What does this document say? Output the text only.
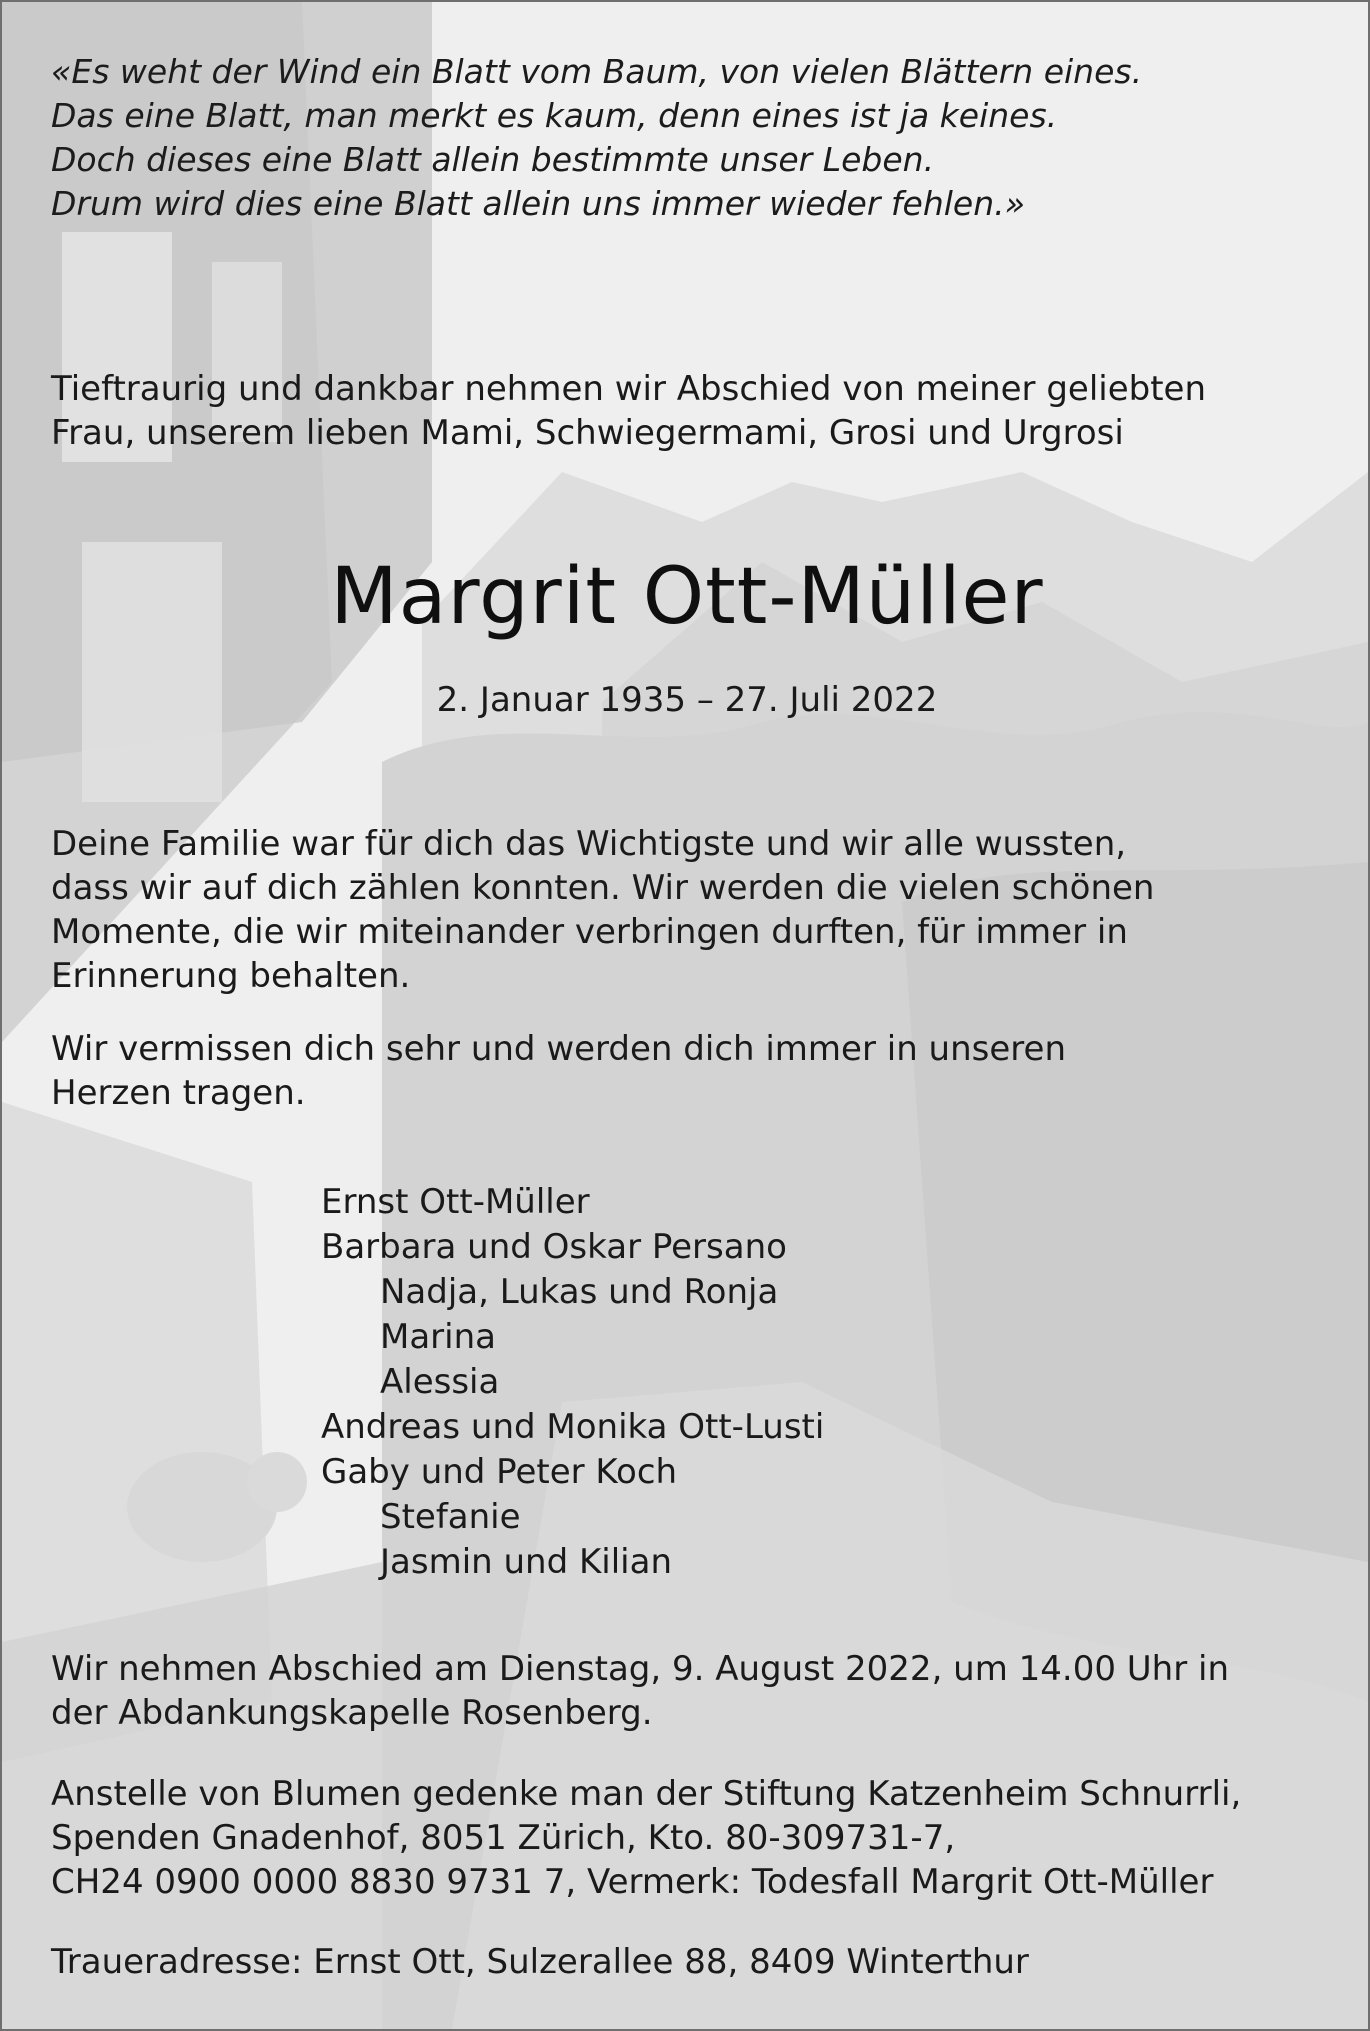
«Es weht der Wind ein Blatt vom Baum, von vielen Blättern eines.
Das eine Blatt, man merkt es kaum, denn eines ist ja keines.
Doch dieses eine Blatt allein bestimmte unser Leben.
Drum wird dies eine Blatt allein uns immer wieder fehlen.»
Tieftraurig und dankbar nehmen wir Abschied von meiner geliebten
Frau, unserem lieben Mami, Schwiegermami, Grosi und Urgrosi
Margrit Ott-Müller
2. Januar 1935 – 27. Juli 2022
Deine Familie war für dich das Wichtigste und wir alle wussten,
dass wir auf dich zählen konnten. Wir werden die vielen schönen
Momente, die wir miteinander verbringen durften, für immer in
Erinnerung behalten.
Wir vermissen dich sehr und werden dich immer in unseren
Herzen tragen.
Ernst Ott-Müller
Barbara und Oskar Persano
Nadja, Lukas und Ronja
Marina
Alessia
Andreas und Monika Ott-Lusti
Gaby und Peter Koch
Stefanie
Jasmin und Kilian
Wir nehmen Abschied am Dienstag, 9. August 2022, um 14.00 Uhr in
der Abdankungskapelle Rosenberg.
Anstelle von Blumen gedenke man der Stiftung Katzenheim Schnurrli,
Spenden Gnadenhof, 8051 Zürich, Kto. 80-309731-7,
CH24 0900 0000 8830 9731 7, Vermerk: Todesfall Margrit Ott-Müller
Traueradresse: Ernst Ott, Sulzerallee 88, 8409 Winterthur
